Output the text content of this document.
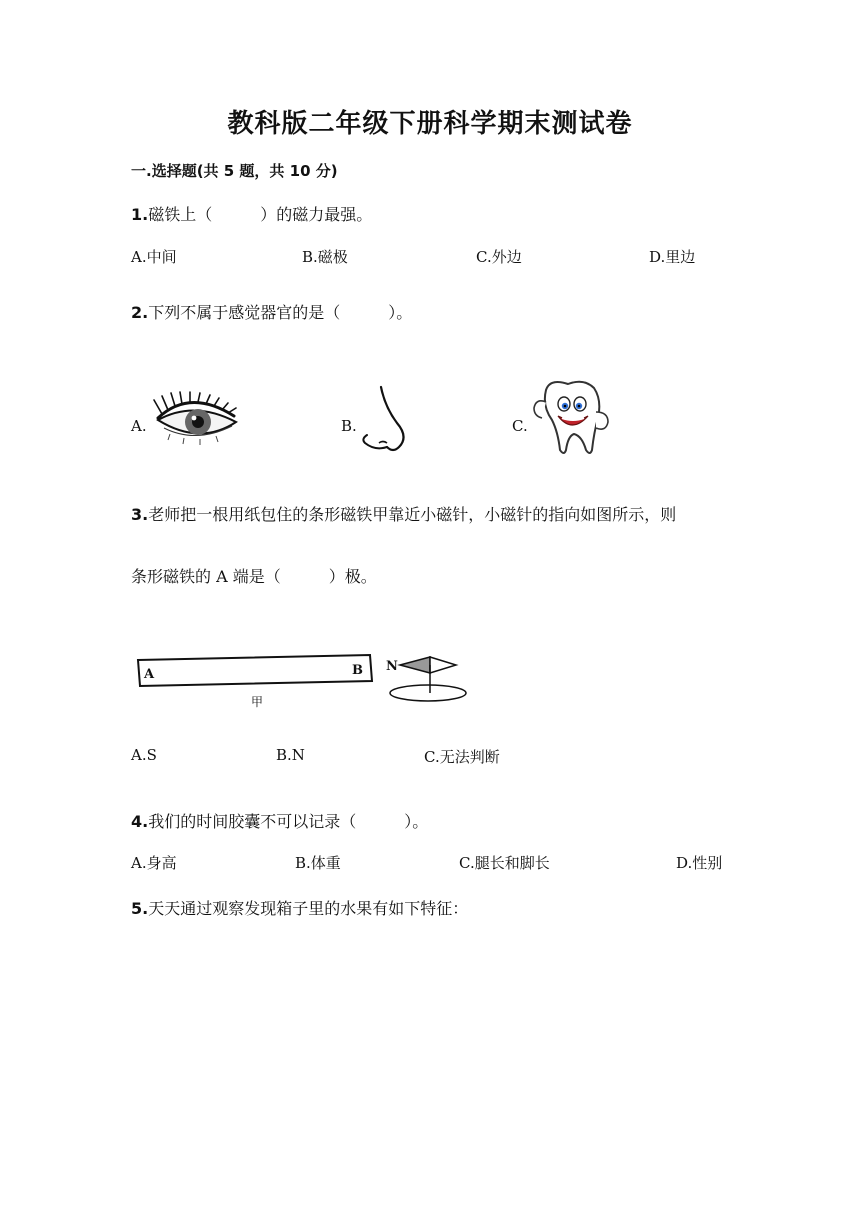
教科版二年级下册科学期末测试卷
一.选择题(共 5 题，共 10 分)
1.磁铁上（　　　）的磁力最强。
A.中间	B.磁极	C.外边	D.里边
2.下列不属于感觉器官的是（　　　）。
A.	B.	C.
3.老师把一根用纸包住的条形磁铁甲靠近小磁针，小磁针的指向如图所示，则
条形磁铁的 A 端是（　　　）极。
A	B
甲
N
A.S	B.N	C.无法判断
4.我们的时间胶囊不可以记录（　　　）。
A.身高	B.体重	C.腿长和脚长	D.性别
5.天天通过观察发现箱子里的水果有如下特征：
